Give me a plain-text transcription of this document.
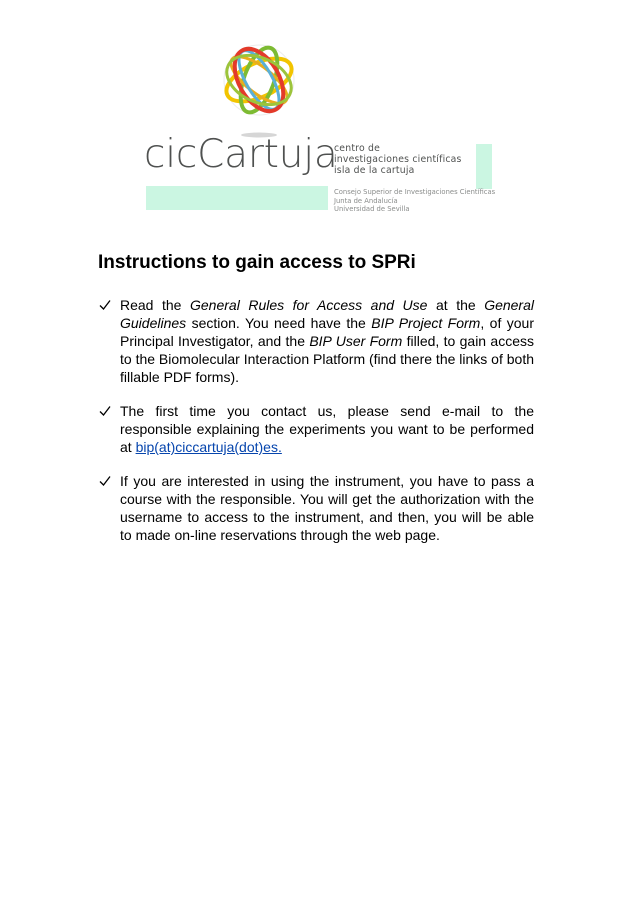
cicCartuja
centro de
investigaciones científicas
isla de la cartuja
Consejo Superior de Investigaciones Científicas
Junta de Andalucía
Universidad de Sevilla
Instructions to gain access to SPRi
Read the General Rules for Access and Use at the General Guidelines section. You need have the BIP Project Form, of your Principal Investigator, and the BIP User Form filled, to gain access to the Biomolecular Interaction Platform (find there the links of both fillable PDF forms).
The first time you contact us, please send e-mail to the responsible explaining the experiments you want to be performed at bip(at)ciccartuja(dot)es.
If you are interested in using the instrument, you have to pass a course with the responsible. You will get the authorization with the username to access to the instrument, and then, you will be able to made on-line reservations through the web page.
